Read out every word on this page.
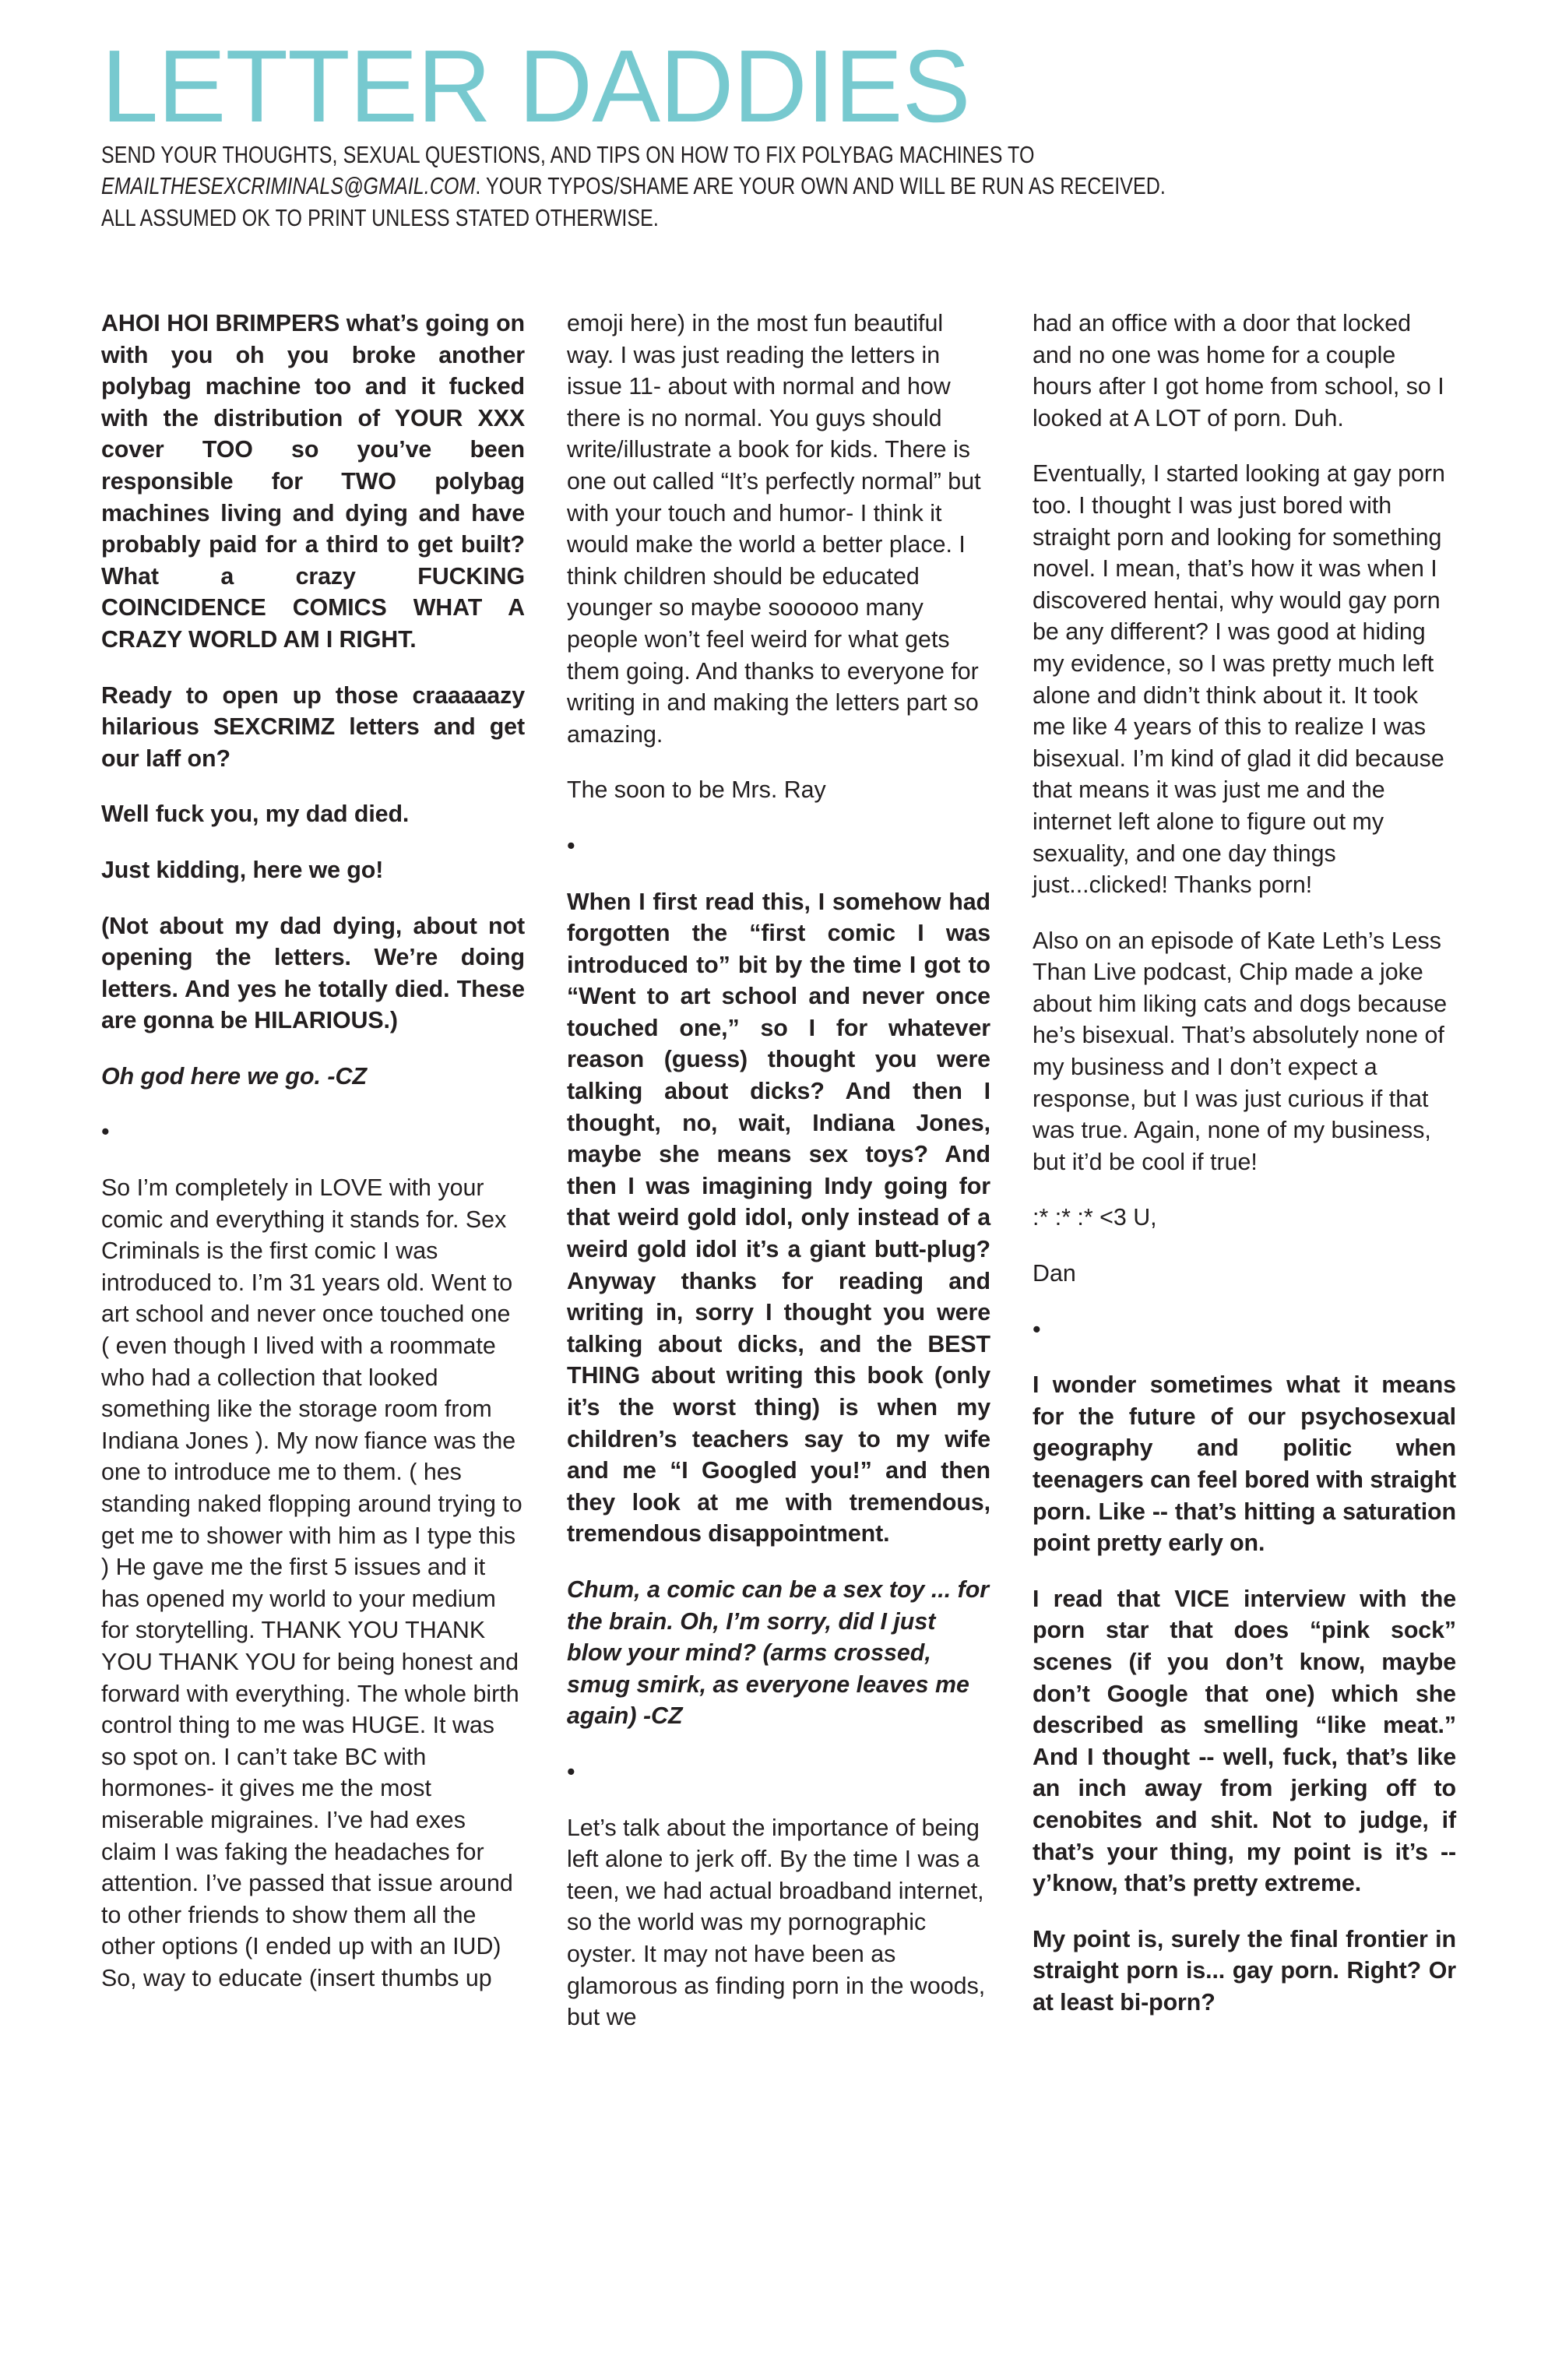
LETTER DADDIES
SEND YOUR THOUGHTS, SEXUAL QUESTIONS, AND TIPS ON HOW TO FIX POLYBAG MACHINES TO
EMAILTHESEXCRIMINALS@GMAIL.COM. YOUR TYPOS/SHAME ARE YOUR OWN AND WILL BE RUN AS RECEIVED.
ALL ASSUMED OK TO PRINT UNLESS STATED OTHERWISE.

AHOI HOI BRIMPERS what’s going on with you oh you broke another polybag machine too and it fucked with the distribution of YOUR XXX cover TOO so you’ve been responsible for TWO polybag machines living and dying and have probably paid for a third to get built? What a crazy FUCKING COINCIDENCE COMICS WHAT A CRAZY WORLD AM I RIGHT.

Ready to open up those craaaaazy hilarious SEXCRIMZ letters and get our laff on?

Well fuck you, my dad died.

Just kidding, here we go!

(Not about my dad dying, about not opening the letters. We’re doing letters. And yes he totally died. These are gonna be HILARIOUS.)

Oh god here we go. -CZ

•

So I’m completely in LOVE with your comic and everything it stands for. Sex Criminals is the first comic I was introduced to. I’m 31 years old. Went to art school and never once touched one ( even though I lived with a roommate who had a collection that looked something like the storage room from Indiana Jones ). My now fiance was the one to introduce me to them. ( hes standing naked flopping around trying to get me to shower with him as I type this ) He gave me the first 5 issues and it has opened my world to your medium for storytelling. THANK YOU THANK YOU THANK YOU for being honest and forward with everything. The whole birth control thing to me was HUGE. It was so spot on. I can’t take BC with hormones- it gives me the most miserable migraines. I’ve had exes claim I was faking the headaches for attention. I’ve passed that issue around to other friends to show them all the other options (I ended up with an IUD) So, way to educate (insert thumbs up

emoji here) in the most fun beautiful way. I was just reading the letters in issue 11- about with normal and how there is no normal. You guys should write/illustrate a book for kids. There is one out called “It’s perfectly normal” but with your touch and humor- I think it would make the world a better place. I think children should be educated younger so maybe soooooo many people won’t feel weird for what gets them going. And thanks to everyone for writing in and making the letters part so amazing.

The soon to be Mrs. Ray

•

When I first read this, I somehow had forgotten the “first comic I was introduced to” bit by the time I got to “Went to art school and never once touched one,” so I for whatever reason (guess) thought you were talking about dicks? And then I thought, no, wait, Indiana Jones, maybe she means sex toys? And then I was imagining Indy going for that weird gold idol, only instead of a weird gold idol it’s a giant butt-plug? Anyway thanks for reading and writing in, sorry I thought you were talking about dicks, and the BEST THING about writing this book (only it’s the worst thing) is when my children’s teachers say to my wife and me “I Googled you!” and then they look at me with tremendous, tremendous disappointment.

Chum, a comic can be a sex toy ... for the brain. Oh, I’m sorry, did I just blow your mind? (arms crossed, smug smirk, as everyone leaves me again) -CZ

•

Let’s talk about the importance of being left alone to jerk off. By the time I was a teen, we had actual broadband internet, so the world was my pornographic oyster. It may not have been as glamorous as finding porn in the woods, but we

had an office with a door that locked and no one was home for a couple hours after I got home from school, so I looked at A LOT of porn. Duh.

Eventually, I started looking at gay porn too. I thought I was just bored with straight porn and looking for something novel. I mean, that’s how it was when I discovered hentai, why would gay porn be any different? I was good at hiding my evidence, so I was pretty much left alone and didn’t think about it. It took me like 4 years of this to realize I was bisexual. I’m kind of glad it did because that means it was just me and the internet left alone to figure out my sexuality, and one day things just...clicked! Thanks porn!

Also on an episode of Kate Leth’s Less Than Live podcast, Chip made a joke about him liking cats and dogs because he’s bisexual. That’s absolutely none of my business and I don’t expect a response, but I was just curious if that was true. Again, none of my business, but it’d be cool if true!

:* :* :* <3 U,

Dan

•

I wonder sometimes what it means for the future of our psychosexual geography and politic when teenagers can feel bored with straight porn. Like -- that’s hitting a saturation point pretty early on.

I read that VICE interview with the porn star that does “pink sock” scenes (if you don’t know, maybe don’t Google that one) which she described as smelling “like meat.” And I thought -- well, fuck, that’s like an inch away from jerking off to cenobites and shit. Not to judge, if that’s your thing, my point is it’s -- y’know, that’s pretty extreme.

My point is, surely the final frontier in straight porn is... gay porn. Right? Or at least bi-porn?
